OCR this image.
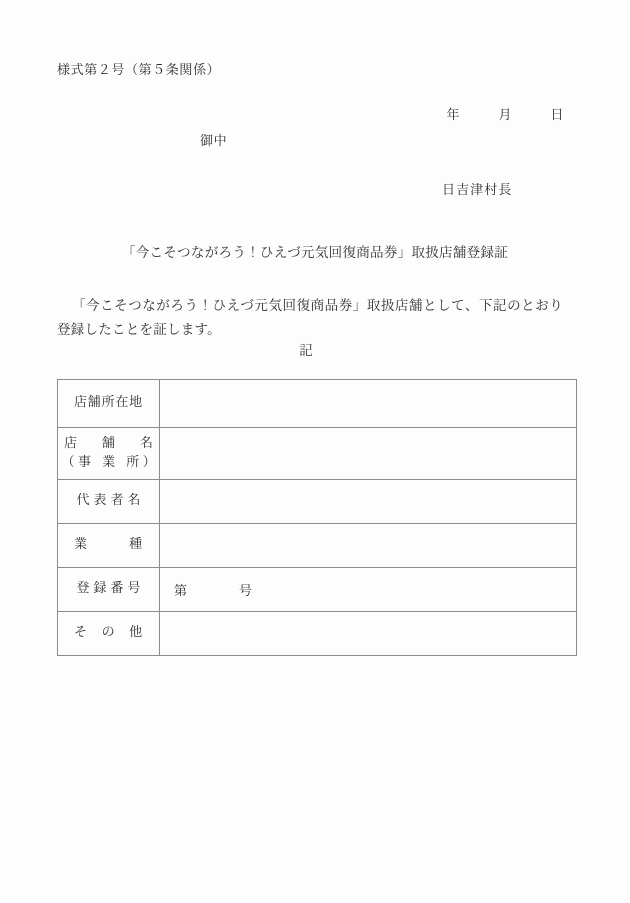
様式第２号（第５条関係）

年	月	日

御中
日吉津村長
「今こそつながろう！ひえづ元気回復商品券」取扱店舗登録証
「今こそつながろう！ひえづ元気回復商品券」取扱店舗として、下記のとおり登録したことを証します。
記
店舗所在地	

店　舗　名
（事 業 所）	

代表者名	

業　　　種	

登録番号	第 号

そ　の　他	
